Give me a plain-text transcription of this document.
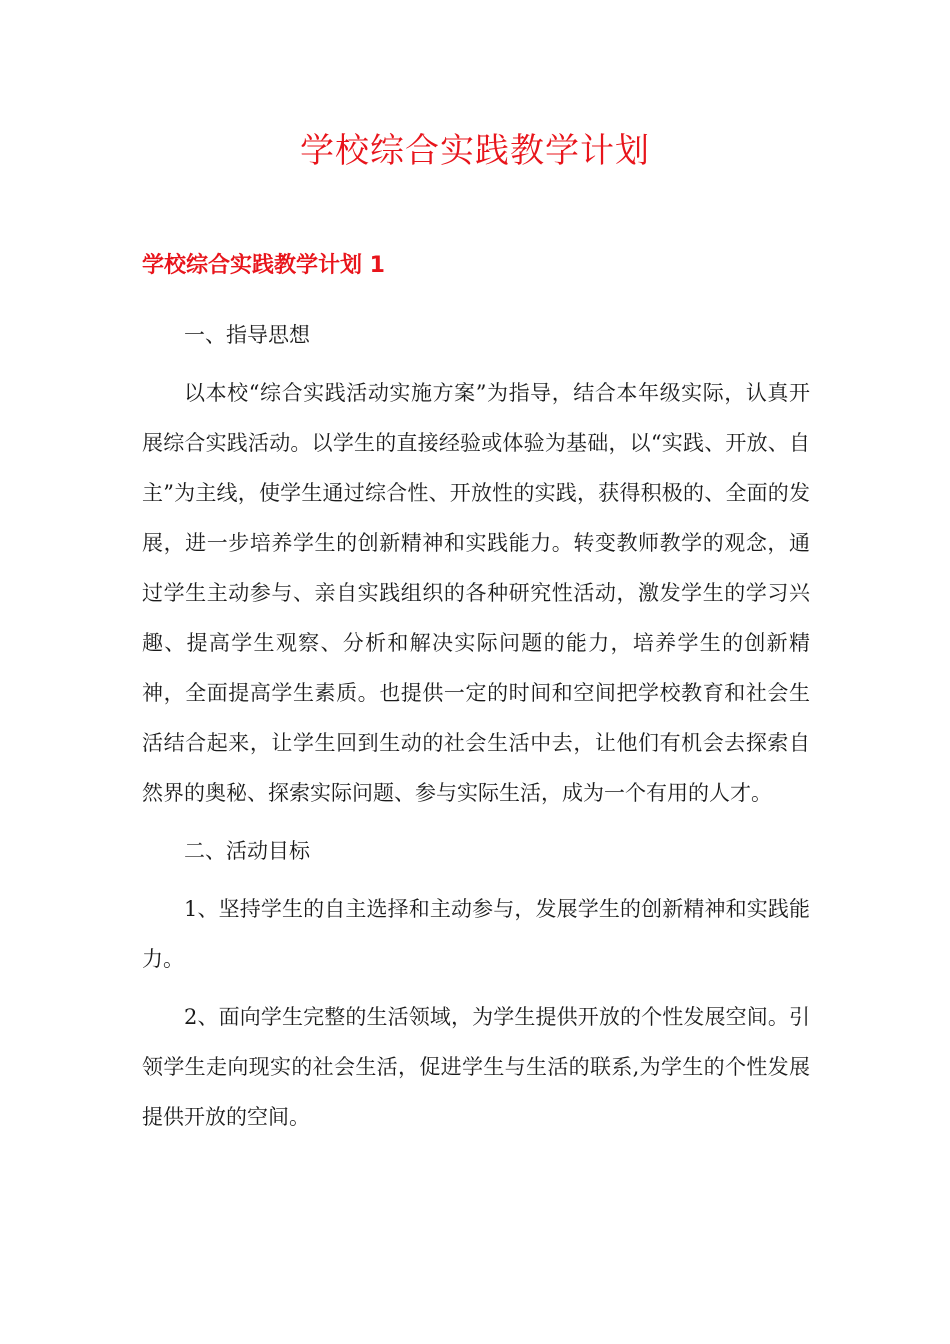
学校综合实践教学计划
学校综合实践教学计划 1

一、指导思想

以本校“综合实践活动实施方案”为指导，结合本年级实际，认真开展综合实践活动。以学生的直接经验或体验为基础，以“实践、开放、自主”为主线，使学生通过综合性、开放性的实践，获得积极的、全面的发展，进一步培养学生的创新精神和实践能力。转变教师教学的观念，通过学生主动参与、亲自实践组织的各种研究性活动，激发学生的学习兴趣、提高学生观察、分析和解决实际问题的能力，培养学生的创新精神，全面提高学生素质。也提供一定的时间和空间把学校教育和社会生活结合起来，让学生回到生动的社会生活中去，让他们有机会去探索自然界的奥秘、探索实际问题、参与实际生活，成为一个有用的人才。

二、活动目标

1、坚持学生的自主选择和主动参与，发展学生的创新精神和实践能力。

2、面向学生完整的生活领域，为学生提供开放的个性发展空间。引领学生走向现实的社会生活，促进学生与生活的联系,为学生的个性发展提供开放的空间。
